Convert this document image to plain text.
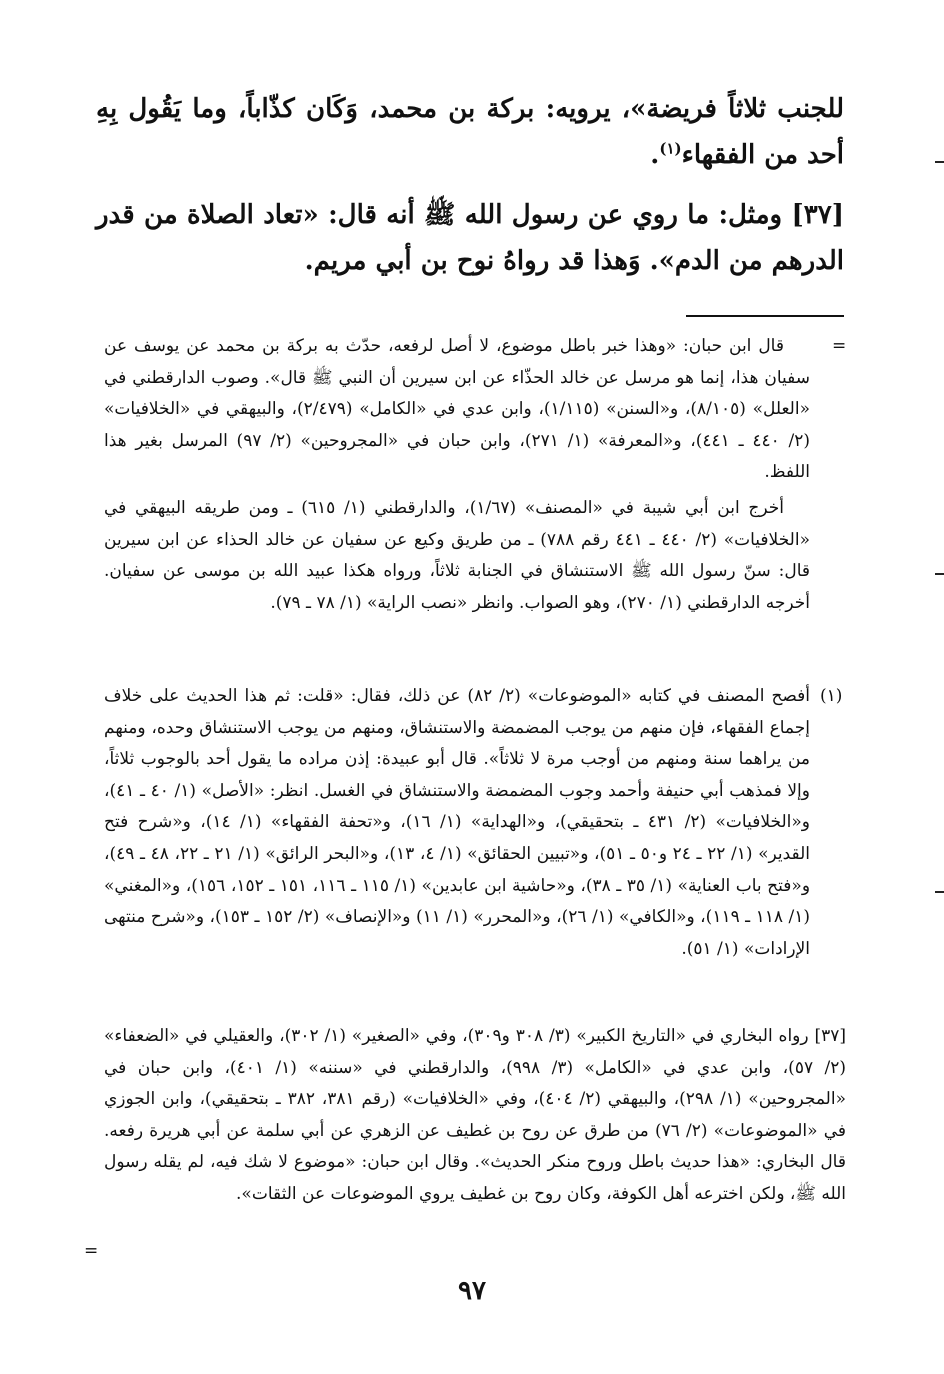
للجنب ثلاثاً فريضة»، يرويه: بركة بن محمد، وَكَان كذّاباً، وما يَقُول بِهِ أحد من الفقهاء$^{(١)}$.

[٣٧] ومثل: ما روي عن رسول الله ﷺ أنه قال: «تعاد الصلاة من قدر الدرهم من الدم». وَهذا قد رواهُ نوح بن أبي مريم.

=

قال ابن حبان: «وهذا خبر باطل موضوع، لا أصل لرفعه، حدّث به بركة بن محمد عن يوسف عن سفيان هذا، إنما هو مرسل عن خالد الحذّاء عن ابن سيرين أن النبي ﷺ قال». وصوب الدارقطني في «العلل» (٨/١٠٥)، و«السنن» (١/١١٥)، وابن عدي في «الكامل» (٢/٤٧٩)، والبيهقي في «الخلافيات» (٢/ ٤٤٠ ـ ٤٤١)، و«المعرفة» (١/ ٢٧١)، وابن حبان في «المجروحين» (٢/ ٩٧) المرسل بغير هذا اللفظ.

أخرج ابن أبي شيبة في «المصنف» (١/٦٧)، والدارقطني (١/ ٦١٥) ـ ومن طريقه البيهقي في «الخلافيات» (٢/ ٤٤٠ ـ ٤٤١ رقم ٧٨٨) ـ من طريق وكيع عن سفيان عن خالد الحذاء عن ابن سيرين قال: سنّ رسول الله ﷺ الاستنشاق في الجنابة ثلاثاً، ورواه هكذا عبيد الله بن موسى عن سفيان. أخرجه الدارقطني (١/ ٢٧٠)، وهو الصواب. وانظر «نصب الراية» (١/ ٧٨ ـ ٧٩).

(١)

أفصح المصنف في كتابه «الموضوعات» (٢/ ٨٢) عن ذلك، فقال: «قلت: ثم هذا الحديث على خلاف إجماع الفقهاء، فإن منهم من يوجب المضمضة والاستنشاق، ومنهم من يوجب الاستنشاق وحده، ومنهم من يراهما سنة ومنهم من أوجب مرة لا ثلاثاً». قال أبو عبيدة: إذن مراده ما يقول أحد بالوجوب ثلاثاً، وإلا فمذهب أبي حنيفة وأحمد وجوب المضمضة والاستنشاق في الغسل. انظر: «الأصل» (١/ ٤٠ ـ ٤١)، و«الخلافيات» (٢/ ٤٣١ ـ بتحقيقي)، و«الهداية» (١/ ١٦)، و«تحفة الفقهاء» (١/ ١٤)، و«شرح فتح القدير» (١/ ٢٢ ـ ٢٤ و٥٠ ـ ٥١)، و«تبيين الحقائق» (١/ ٤، ١٣)، و«البحر الرائق» (١/ ٢١ ـ ٢٢، ٤٨ ـ ٤٩)، و«فتح باب العناية» (١/ ٣٥ ـ ٣٨)، و«حاشية ابن عابدين» (١/ ١١٥ ـ ١١٦، ١٥١ ـ ١٥٢، ١٥٦)، و«المغني» (١/ ١١٨ ـ ١١٩)، و«الكافي» (١/ ٢٦)، و«المحرر» (١/ ١١) و«الإنصاف» (٢/ ١٥٢ ـ ١٥٣)، و«شرح منتهى الإرادات» (١/ ٥١).

[٣٧] رواه البخاري في «التاريخ الكبير» (٣/ ٣٠٨ و٣٠٩)، وفي «الصغير» (١/ ٣٠٢)، والعقيلي في «الضعفاء» (٢/ ٥٧)، وابن عدي في «الكامل» (٣/ ٩٩٨)، والدارقطني في «سننه» (١/ ٤٠١)، وابن حبان في «المجروحين» (١/ ٢٩٨)، والبيهقي (٢/ ٤٠٤)، وفي «الخلافيات» (رقم ٣٨١، ٣٨٢ ـ بتحقيقي)، وابن الجوزي في «الموضوعات» (٢/ ٧٦) من طرق عن روح بن غطيف عن الزهري عن أبي سلمة عن أبي هريرة رفعه. قال البخاري: «هذا حديث باطل وروح منكر الحديث». وقال ابن حبان: «موضوع لا شك فيه، لم يقله رسول الله ﷺ، ولكن اخترعه أهل الكوفة، وكان روح بن غطيف يروي الموضوعات عن الثقات».

=
٩٧
